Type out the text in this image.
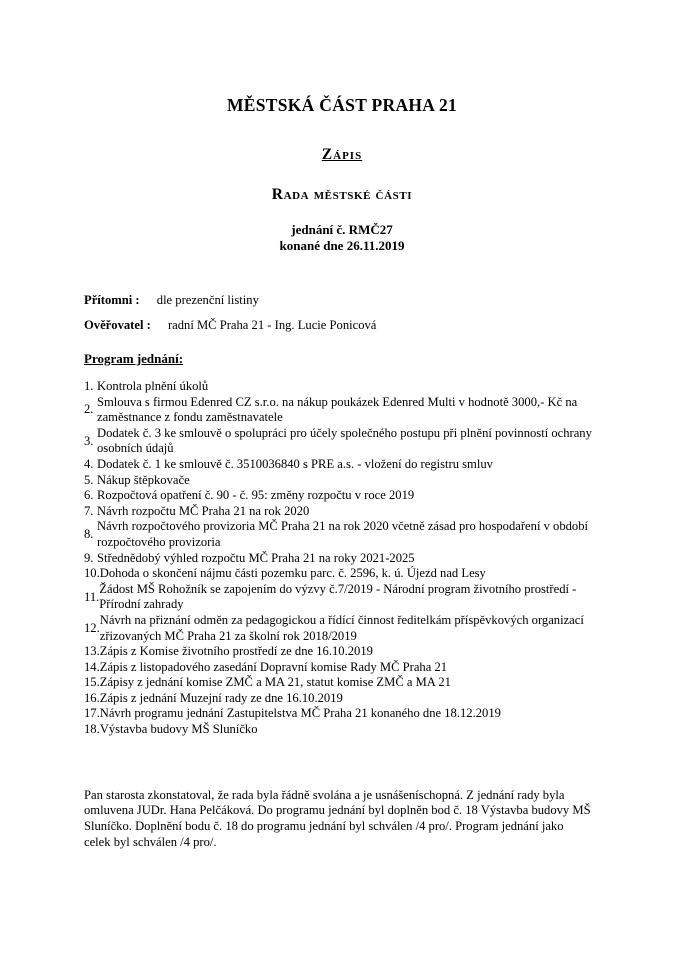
MĚSTSKÁ ČÁST PRAHA 21
Zápis
Rada městské části
jednání č. RMČ27
konané dne 26.11.2019
Přítomni : dle prezenční listiny
Ověřovatel : radní MČ Praha 21 - Ing. Lucie Ponicová
Program jednání:
1. Kontrola plnění úkolů
2.
Smlouva s firmou Edenred CZ s.r.o. na nákup poukázek Edenred Multi v hodnotě 3000,- Kč na zaměstnance z fondu zaměstnavatele
3.
Dodatek č. 3 ke smlouvě o spolupráci pro účely společného postupu při plnění povinností ochrany osobních údajů
4. Dodatek č. 1 ke smlouvě č. 3510036840 s PRE a.s. - vložení do registru smluv
5. Nákup štěpkovače
6. Rozpočtová opatření č. 90 - č. 95: změny rozpočtu v roce 2019
7. Návrh rozpočtu MČ Praha 21 na rok 2020
8.
Návrh rozpočtového provizoria MČ Praha 21 na rok 2020 včetně zásad pro hospodaření v období rozpočtového provizoria
9. Střednědobý výhled rozpočtu MČ Praha 21 na roky 2021-2025
10. Dohoda o skončení nájmu části pozemku parc. č. 2596, k. ú. Újezd nad Lesy
11.
Žádost MŠ Rohožník se zapojením do výzvy č.7/2019 - Národní program životního prostředí - Přírodní zahrady
12.
Návrh na přiznání odměn za pedagogickou a řídící činnost ředitelkám příspěvkových organizací zřizovaných MČ Praha 21 za školní rok 2018/2019
13. Zápis z Komise životního prostředí ze dne 16.10.2019
14. Zápis z listopadového zasedání Dopravní komise Rady MČ Praha 21
15. Zápisy z jednání komise ZMČ a MA 21, statut komise ZMČ a MA 21
16. Zápis z jednání Muzejní rady ze dne 16.10.2019
17. Návrh programu jednání Zastupitelstva MČ Praha 21 konaného dne 18.12.2019
18. Výstavba budovy MŠ Sluníčko
Pan starosta zkonstatoval, že rada byla řádně svolána a je usnášeníschopná. Z jednání rady byla omluvena JUDr. Hana Pelčáková. Do programu jednání byl doplněn bod č. 18 Výstavba budovy MŠ Sluníčko. Doplnění bodu č. 18 do programu jednání byl schválen /4 pro/. Program jednání jako celek byl schválen /4 pro/.
